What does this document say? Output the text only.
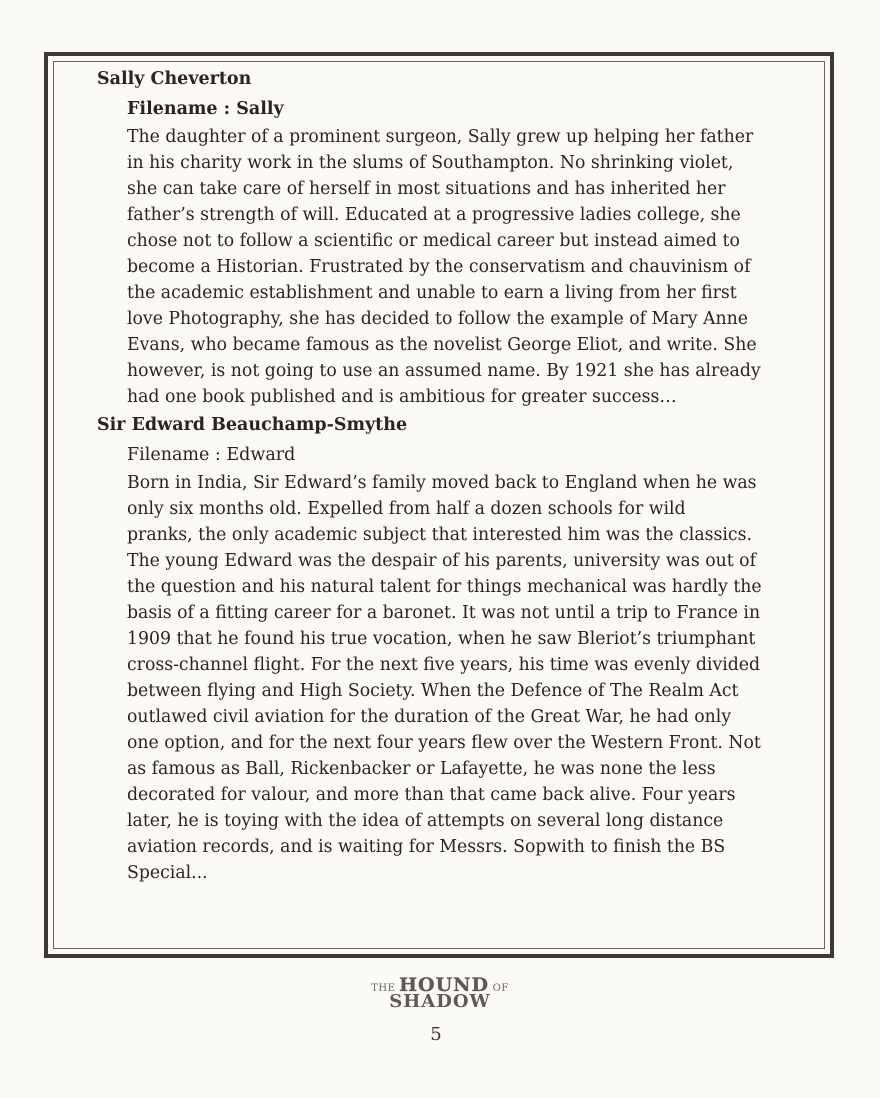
Sally Cheverton

Filename : Sally

The daughter of a prominent surgeon, Sally grew up helping her father
in his charity work in the slums of Southampton. No shrinking violet,
she can take care of herself in most situations and has inherited her
father’s strength of will. Educated at a progressive ladies college, she
chose not to follow a scientific or medical career but instead aimed to
become a Historian. Frustrated by the conservatism and chauvinism of
the academic establishment and unable to earn a living from her first
love Photography, she has decided to follow the example of Mary Anne
Evans, who became famous as the novelist George Eliot, and write. She
however, is not going to use an assumed name. By 1921 she has already
had one book published and is ambitious for greater success…

Sir Edward Beauchamp-Smythe

Filename : Edward

Born in India, Sir Edward’s family moved back to England when he was
only six months old. Expelled from half a dozen schools for wild
pranks, the only academic subject that interested him was the classics.
The young Edward was the despair of his parents, university was out of
the question and his natural talent for things mechanical was hardly the
basis of a fitting career for a baronet. It was not until a trip to France in
1909 that he found his true vocation, when he saw Bleriot’s triumphant
cross-channel flight. For the next five years, his time was evenly divided
between flying and High Society. When the Defence of The Realm Act
outlawed civil aviation for the duration of the Great War, he had only
one option, and for the next four years flew over the Western Front. Not
as famous as Ball, Rickenbacker or Lafayette, he was none the less
decorated for valour, and more than that came back alive. Four years
later, he is toying with the idea of attempts on several long distance
aviation records, and is waiting for Messrs. Sopwith to finish the BS
Special...
THE HOUND OF
SHADOW
5
